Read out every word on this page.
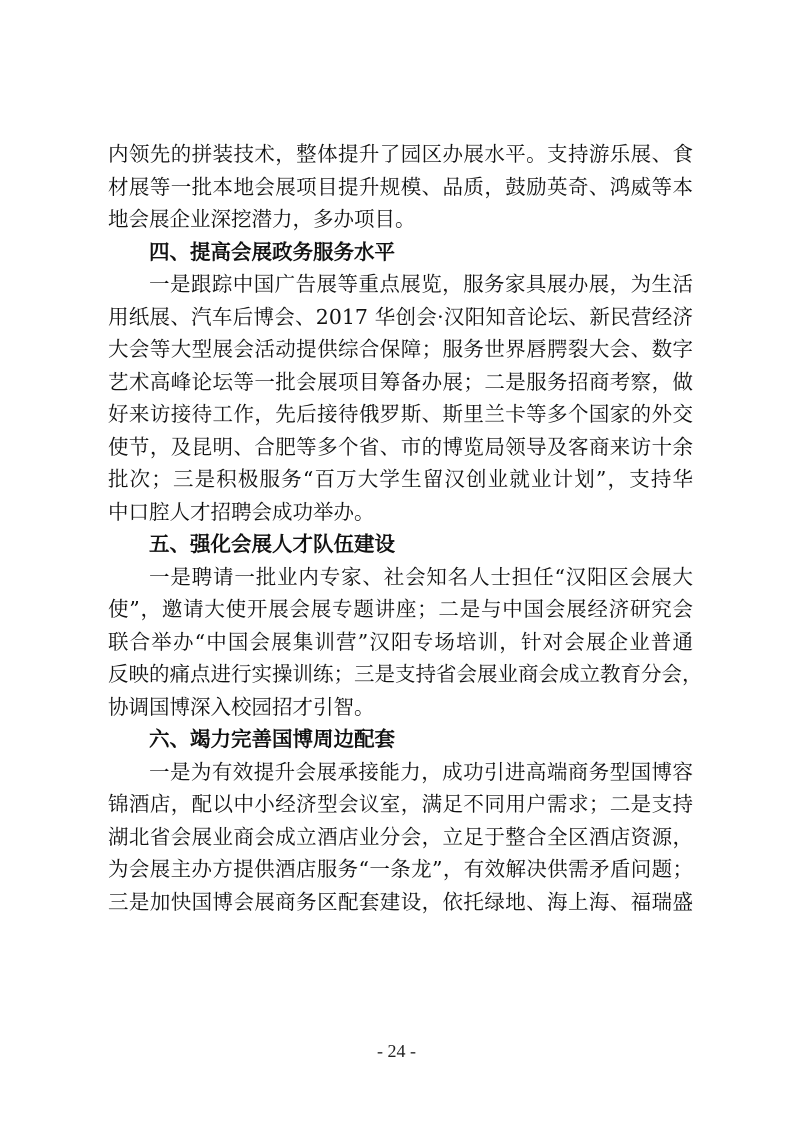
内领先的拼装技术，整体提升了园区办展水平。支持游乐展、食
材展等一批本地会展项目提升规模、品质，鼓励英奇、鸿威等本
地会展企业深挖潜力，多办项目。
四、提高会展政务服务水平
一是跟踪中国广告展等重点展览，服务家具展办展，为生活
用纸展、汽车后博会、2017 华创会·汉阳知音论坛、新民营经济
大会等大型展会活动提供综合保障；服务世界唇腭裂大会、数字
艺术高峰论坛等一批会展项目筹备办展；二是服务招商考察，做
好来访接待工作，先后接待俄罗斯、斯里兰卡等多个国家的外交
使节，及昆明、合肥等多个省、市的博览局领导及客商来访十余
批次；三是积极服务“百万大学生留汉创业就业计划”，支持华
中口腔人才招聘会成功举办。
五、强化会展人才队伍建设
一是聘请一批业内专家、社会知名人士担任“汉阳区会展大
使”，邀请大使开展会展专题讲座；二是与中国会展经济研究会
联合举办“中国会展集训营”汉阳专场培训，针对会展企业普通
反映的痛点进行实操训练；三是支持省会展业商会成立教育分会，
协调国博深入校园招才引智。
六、竭力完善国博周边配套
一是为有效提升会展承接能力，成功引进高端商务型国博容
锦酒店，配以中小经济型会议室，满足不同用户需求；二是支持
湖北省会展业商会成立酒店业分会，立足于整合全区酒店资源，
为会展主办方提供酒店服务“一条龙”，有效解决供需矛盾问题；
三是加快国博会展商务区配套建设，依托绿地、海上海、福瑞盛
- 24 -
